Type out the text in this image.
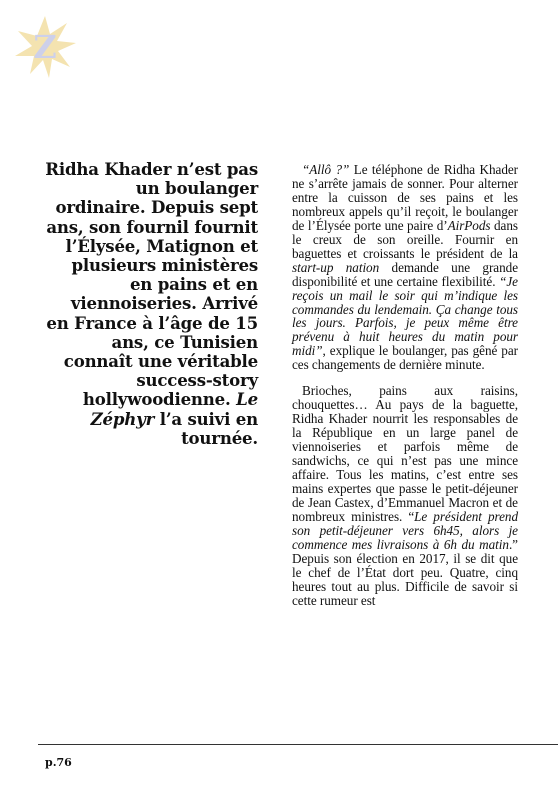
Z

Ridha Khader n’est pas un boulanger ordinaire. Depuis sept ans, son fournil fournit l’Élysée, Matignon et plusieurs ministères en pains et en viennoiseries. Arrivé en France à l’âge de 15 ans, ce Tunisien connaît une véritable success-story hollywoodienne. Le Zéphyr l’a suivi en tournée.

“Allô ?” Le téléphone de Ridha Khader ne s’arrête jamais de sonner. Pour alterner entre la cuisson de ses pains et les nombreux appels qu’il reçoit, le boulanger de l’Élysée porte une paire d’AirPods dans le creux de son oreille. Fournir en baguettes et croissants le président de la start-up nation demande une grande disponibilité et une certaine flexibilité. “Je reçois un mail le soir qui m’indique les commandes du lendemain. Ça change tous les jours. Parfois, je peux même être prévenu à huit heures du matin pour midi”, explique le boulanger, pas gêné par ces changements de dernière minute.

Brioches, pains aux raisins, chouquettes… Au pays de la baguette, Ridha Khader nourrit les responsables de la République en un large panel de viennoiseries et parfois même de sandwichs, ce qui n’est pas une mince affaire. Tous les matins, c’est entre ses mains expertes que passe le petit-déjeuner de Jean Castex, d’Emmanuel Macron et de nombreux ministres. “Le président prend son petit-déjeuner vers 6h45, alors je commence mes livraisons à 6h du matin.” Depuis son élection en 2017, il se dit que le chef de l’État dort peu. Quatre, cinq heures tout au plus. Difficile de savoir si cette rumeur est

p.76
